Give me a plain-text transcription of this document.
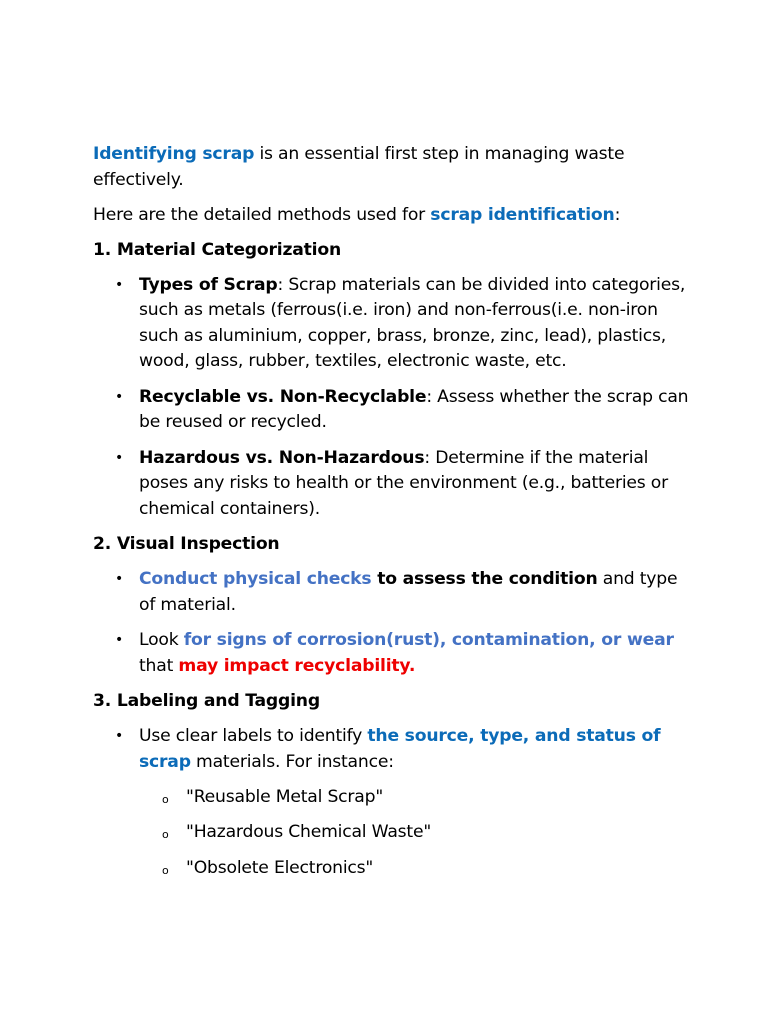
Identifying scrap is an essential first step in managing waste effectively.

Here are the detailed methods used for scrap identification:

1. Material Categorization
• Types of Scrap: Scrap materials can be divided into categories, such as metals (ferrous(i.e. iron) and non-ferrous(i.e. non-iron such as aluminium, copper, brass, bronze, zinc, lead), plastics, wood, glass, rubber, textiles, electronic waste, etc.
• Recyclable vs. Non-Recyclable: Assess whether the scrap can be reused or recycled.
• Hazardous vs. Non-Hazardous: Determine if the material poses any risks to health or the environment (e.g., batteries or chemical containers).
2. Visual Inspection
• Conduct physical checks to assess the condition and type of material.
• Look for signs of corrosion(rust), contamination, or wear that may impact recyclability.
3. Labeling and Tagging
• Use clear labels to identify the source, type, and status of scrap materials. For instance:
o "Reusable Metal Scrap"
o "Hazardous Chemical Waste"
o "Obsolete Electronics"
